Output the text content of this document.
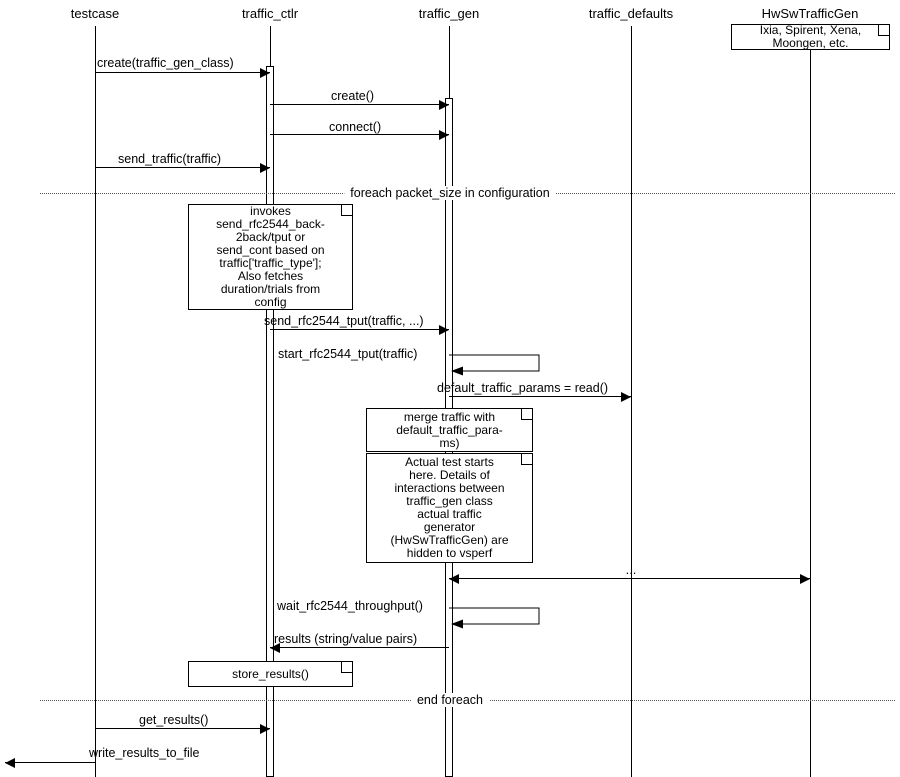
testcase	traffic_ctlr	traffic_gen	traffic_defaults	HwSwTrafficGen
Ixia, Spirent, Xena, Moongen, etc.
foreach packet_size in configuration
end foreach
create(traffic_gen_class)
create()
connect()
send_traffic(traffic)
send_rfc2544_tput(traffic, ...)
default_traffic_params = read()
results (string/value pairs)
get_results()
write_results_to_file
start_rfc2544_tput(traffic)
wait_rfc2544_throughput()
...
invokes
send_rfc2544_back-
2back/tput or
send_cont based on
traffic['traffic_type'];
Also fetches
duration/trials from
config
merge traffic with
default_traffic_para-
ms)
Actual test starts
here. Details of
interactions between
traffic_gen class
actual traffic
generator
(HwSwTrafficGen) are
hidden to vsperf
store_results()
